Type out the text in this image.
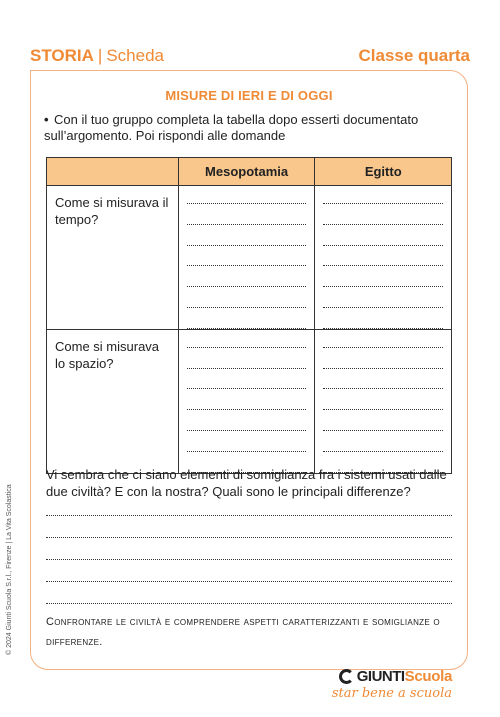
STORIA | Scheda	Classe quarta
MISURE DI IERI E DI OGGI
• Con il tuo gruppo completa la tabella dopo esserti documentato sull’argomento. Poi rispondi alle domande
	Mesopotamia	Egitto
Come si misurava il tempo?	

Come si misurava lo spazio?	

Vi sembra che ci siano elementi di somiglianza fra i sistemi usati dalle due civiltà? E con la nostra? Quali sono le principali differenze?
Confrontare le civiltà e comprendere aspetti caratterizzanti e somiglianze o differenze.
© 2024 Giunti Scuola S.r.l., Firenze | La Vita Scolastica
GIUNTI Scuola
star bene a scuola
